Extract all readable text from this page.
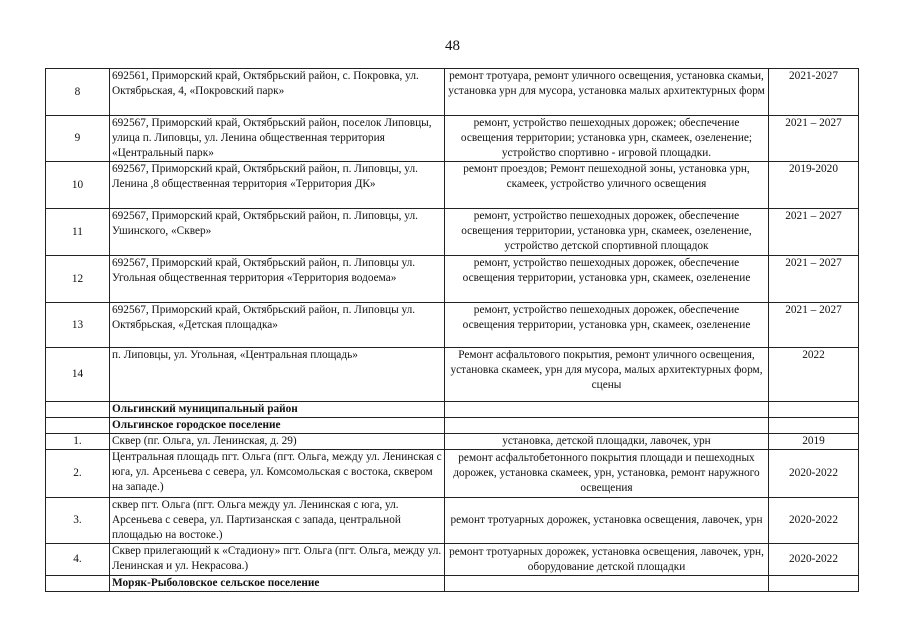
48
8	692561, Приморский край, Октябрьский район, с. Покровка, ул. Октябрьская, 4, «Покровский парк»	ремонт тротуара, ремонт уличного освещения, установка скамьи, установка урн для мусора, установка малых архитектурных форм	2021-2027
9	692567, Приморский край, Октябрьский район, поселок Липовцы, улица п. Липовцы, ул. Ленина общественная территория «Центральный парк»	ремонт, устройство пешеходных дорожек; обеспечение освещения территории; установка урн, скамеек, озеленение; устройство спортивно - игровой площадки.	2021 – 2027
10	692567, Приморский край, Октябрьский район, п. Липовцы, ул. Ленина ,8 общественная территория «Территория ДК»	ремонт проездов; Ремонт пешеходной зоны, установка урн, скамеек, устройство уличного освещения	2019-2020
11	692567, Приморский край, Октябрьский район, п. Липовцы, ул. Ушинского, «Сквер»	ремонт, устройство пешеходных дорожек, обеспечение освещения территории, установка урн, скамеек, озеленение, устройство детской спортивной площадок	2021 – 2027
12	692567, Приморский край, Октябрьский район, п. Липовцы ул. Угольная общественная территория «Территория водоема»	ремонт, устройство пешеходных дорожек, обеспечение освещения территории, установка урн, скамеек, озеленение	2021 – 2027
13	692567, Приморский край, Октябрьский район, п. Липовцы ул. Октябрьская, «Детская площадка»	ремонт, устройство пешеходных дорожек, обеспечение освещения территории, установка урн, скамеек, озеленение	2021 – 2027
14	п. Липовцы, ул. Угольная, «Центральная площадь»	Ремонт асфальтового покрытия, ремонт уличного освещения, установка скамеек, урн для мусора, малых архитектурных форм, сцены	2022
	Ольгинский муниципальный район		
	Ольгинское городское поселение		
1.	Сквер (пг. Ольга, ул. Ленинская, д. 29)	установка, детской площадки, лавочек, урн	2019
2.	Центральная площадь пгт. Ольга (пгт. Ольга, между ул. Ленинская с юга, ул. Арсеньева с севера, ул. Комсомольская с востока, сквером на западе.)	ремонт асфальтобетонного покрытия площади и пешеходных дорожек, установка скамеек, урн, установка, ремонт наружного освещения	2020-2022
3.	сквер пгт. Ольга (пгт. Ольга между ул. Ленинская с юга, ул. Арсеньева с севера, ул. Партизанская с запада, центральной площадью на востоке.)	ремонт тротуарных дорожек, установка освещения, лавочек, урн	2020-2022
4.	Сквер прилегающий к «Стадиону» пгт. Ольга (пгт. Ольга, между ул. Ленинская и ул. Некрасова.)	ремонт тротуарных дорожек, установка освещения, лавочек, урн, оборудование детской площадки	2020-2022
	Моряк-Рыболовское сельское поселение		
